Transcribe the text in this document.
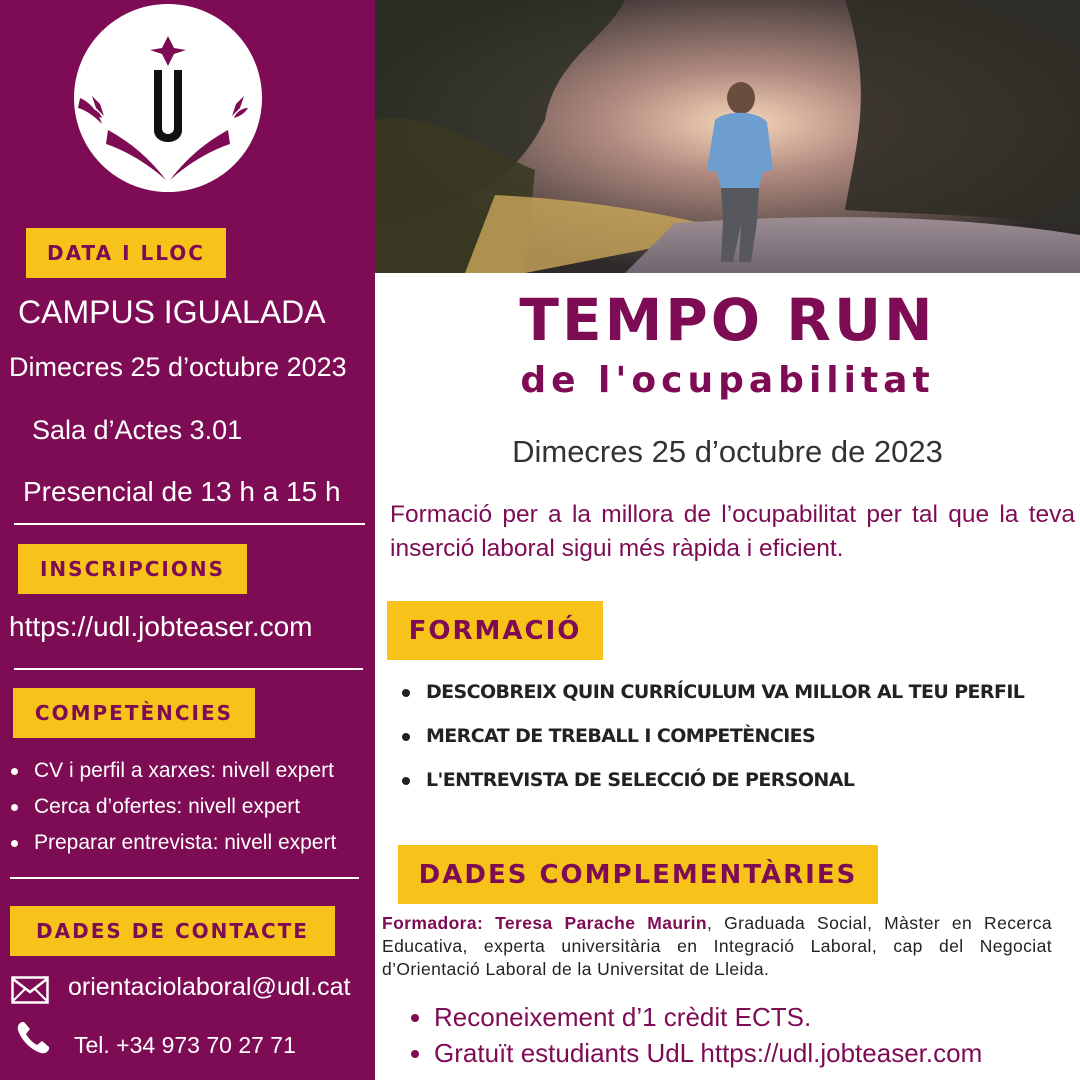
DATA I LLOC
CAMPUS IGUALADA
Dimecres 25 d’octubre 2023
Sala d’Actes 3.01
Presencial de 13 h a 15 h
INSCRIPCIONS
https://udl.jobteaser.com
COMPETÈNCIES
CV i perfil a xarxes: nivell expert
Cerca d’ofertes: nivell expert
Preparar entrevista: nivell expert
DADES DE CONTACTE
orientaciolaboral@udl.cat
Tel. +34 973 70 27 71
TEMPO RUN
de l'ocupabilitat
Dimecres 25 d’octubre de 2023

Formació per a la millora de l’ocupabilitat per tal que la teva inserció laboral sigui més ràpida i eficient.

FORMACIÓ
DESCOBREIX QUIN CURRÍCULUM VA MILLOR AL TEU PERFIL
MERCAT DE TREBALL I COMPETÈNCIES
L'ENTREVISTA DE SELECCIÓ DE PERSONAL
DADES COMPLEMENTÀRIES

Formadora: Teresa Parache Maurin, Graduada Social, Màster en Recerca Educativa, experta universitària en Integració Laboral, cap del Negociat d’Orientació Laboral de la Universitat de Lleida.

Reconeixement d’1 crèdit ECTS.
Gratuït estudiants UdL https://udl.jobteaser.com
